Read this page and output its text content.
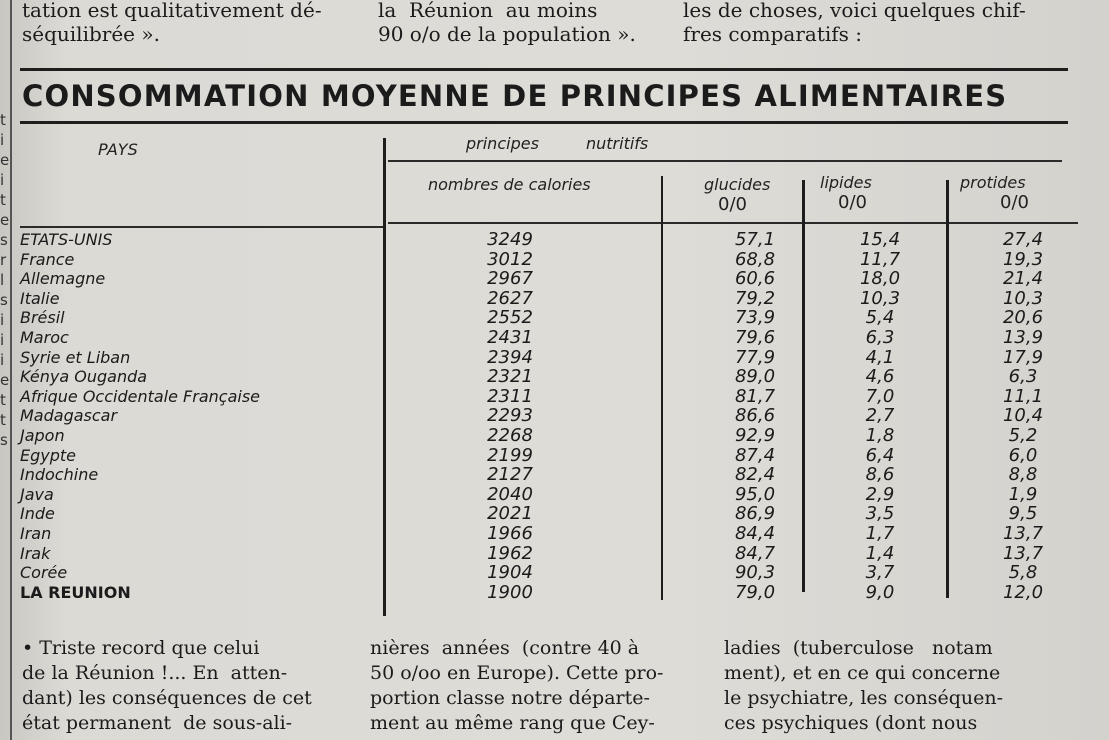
t
i
e
i
t
e
s
r
l
s
i
i
i
e
t
t
s
tation est qualitativement dé-
séquilibrée ».
la  Réunion  au moins
90 o/o de la population ».
les de choses, voici quelques chif-
fres comparatifs :
CONSOMMATION MOYENNE DE PRINCIPES ALIMENTAIRES
PAYS	principes	nutritifs
nombres de calories	glucides	lipides	protides
0/0	0/0	0/0
ETATS-UNIS	3249	57,1	15,4	27,4
France	3012	68,8	11,7	19,3
Allemagne	2967	60,6	18,0	21,4
Italie	2627	79,2	10,3	10,3
Brésil	2552	73,9	5,4	20,6
Maroc	2431	79,6	6,3	13,9
Syrie et Liban	2394	77,9	4,1	17,9
Kénya Ouganda	2321	89,0	4,6	6,3
Afrique Occidentale Française	2311	81,7	7,0	11,1
Madagascar	2293	86,6	2,7	10,4
Japon	2268	92,9	1,8	5,2
Egypte	2199	87,4	6,4	6,0
Indochine	2127	82,4	8,6	8,8
Java	2040	95,0	2,9	1,9
Inde	2021	86,9	3,5	9,5
Iran	1966	84,4	1,7	13,7
Irak	1962	84,7	1,4	13,7
Corée	1904	90,3	3,7	5,8
LA REUNION	1900	79,0	9,0	12,0
• Triste record que celui
de la Réunion !... En  atten-
dant) les conséquences de cet
état permanent  de sous-ali-
nières  années  (contre 40 à
50 o/oo en Europe). Cette pro-
portion classe notre départe-
ment au même rang que Cey-
ladies  (tuberculose   notam
ment), et en ce qui concerne
le psychiatre, les conséquen-
ces psychiques (dont nous
